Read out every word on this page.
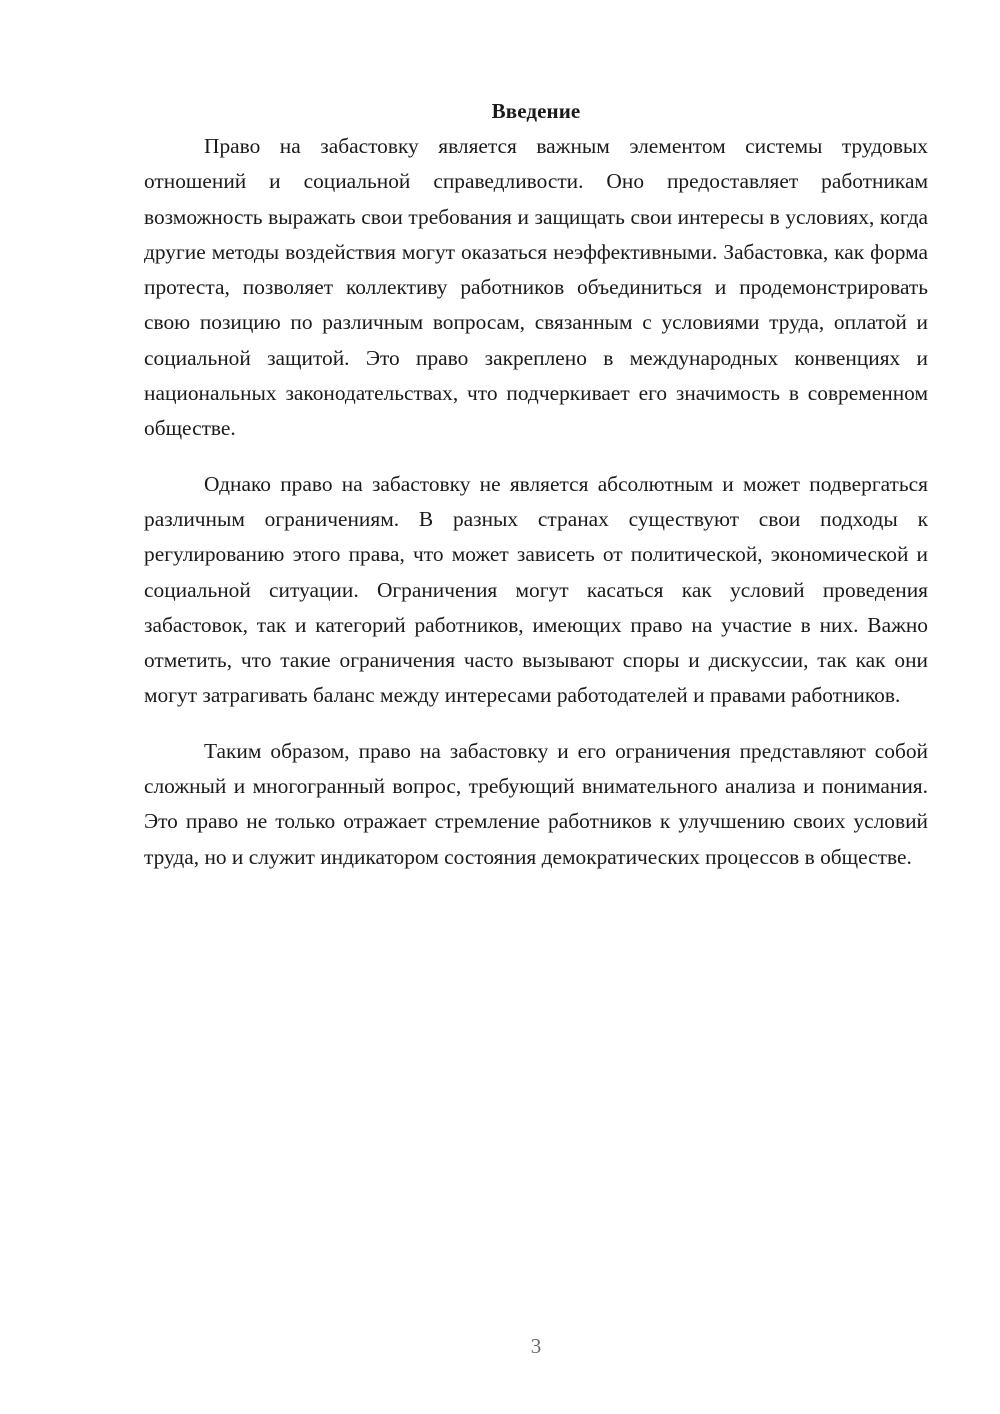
Введение

Право на забастовку является важным элементом системы трудовых отношений и социальной справедливости. Оно предоставляет работникам возможность выражать свои требования и защищать свои интересы в условиях, когда другие методы воздействия могут оказаться неэффективными. Забастовка, как форма протеста, позволяет коллективу работников объединиться и продемонстрировать свою позицию по различным вопросам, связанным с условиями труда, оплатой и социальной защитой. Это право закреплено в международных конвенциях и национальных законодательствах, что подчеркивает его значимость в современном обществе.

Однако право на забастовку не является абсолютным и может подвергаться различным ограничениям. В разных странах существуют свои подходы к регулированию этого права, что может зависеть от политической, экономической и социальной ситуации. Ограничения могут касаться как условий проведения забастовок, так и категорий работников, имеющих право на участие в них. Важно отметить, что такие ограничения часто вызывают споры и дискуссии, так как они могут затрагивать баланс между интересами работодателей и правами работников.

Таким образом, право на забастовку и его ограничения представляют собой сложный и многогранный вопрос, требующий внимательного анализа и понимания. Это право не только отражает стремление работников к улучшению своих условий труда, но и служит индикатором состояния демократических процессов в обществе.

3
